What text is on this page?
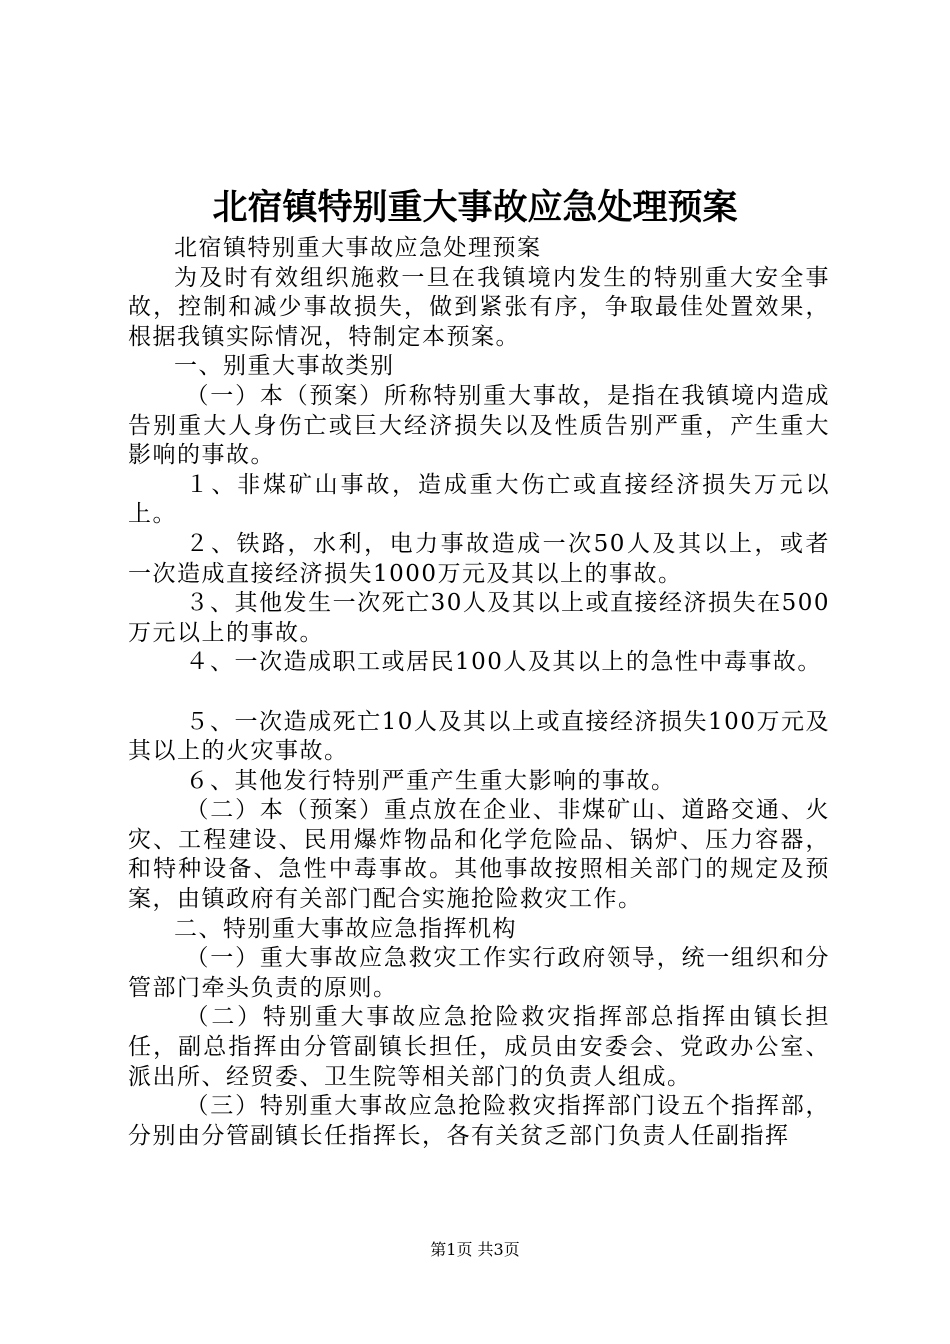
北宿镇特别重大事故应急处理预案

北宿镇特别重大事故应急处理预案

为及时有效组织施救一旦在我镇境内发生的特别重大安全事故，控制和减少事故损失，做到紧张有序，争取最佳处置效果，根据我镇实际情况，特制定本预案。

一、别重大事故类别

（一）本（预案）所称特别重大事故，是指在我镇境内造成告别重大人身伤亡或巨大经济损失以及性质告别严重，产生重大影响的事故。

１、非煤矿山事故，造成重大伤亡或直接经济损失万元以上。

２、铁路，水利，电力事故造成一次50人及其以上，或者一次造成直接经济损失1000万元及其以上的事故。

３、其他发生一次死亡30人及其以上或直接经济损失在500万元以上的事故。

４、一次造成职工或居民100人及其以上的急性中毒事故。

５、一次造成死亡10人及其以上或直接经济损失100万元及其以上的火灾事故。

６、其他发行特别严重产生重大影响的事故。

（二）本（预案）重点放在企业、非煤矿山、道路交通、火灾、工程建设、民用爆炸物品和化学危险品、锅炉、压力容器，和特种设备、急性中毒事故。其他事故按照相关部门的规定及预案，由镇政府有关部门配合实施抢险救灾工作。

二、特别重大事故应急指挥机构

（一）重大事故应急救灾工作实行政府领导，统一组织和分管部门牵头负责的原则。

（二）特别重大事故应急抢险救灾指挥部总指挥由镇长担任，副总指挥由分管副镇长担任，成员由安委会、党政办公室、派出所、经贸委、卫生院等相关部门的负责人组成。

（三）特别重大事故应急抢险救灾指挥部门设五个指挥部，分别由分管副镇长任指挥长，各有关贫乏部门负责人任副指挥

第1页 共3页
